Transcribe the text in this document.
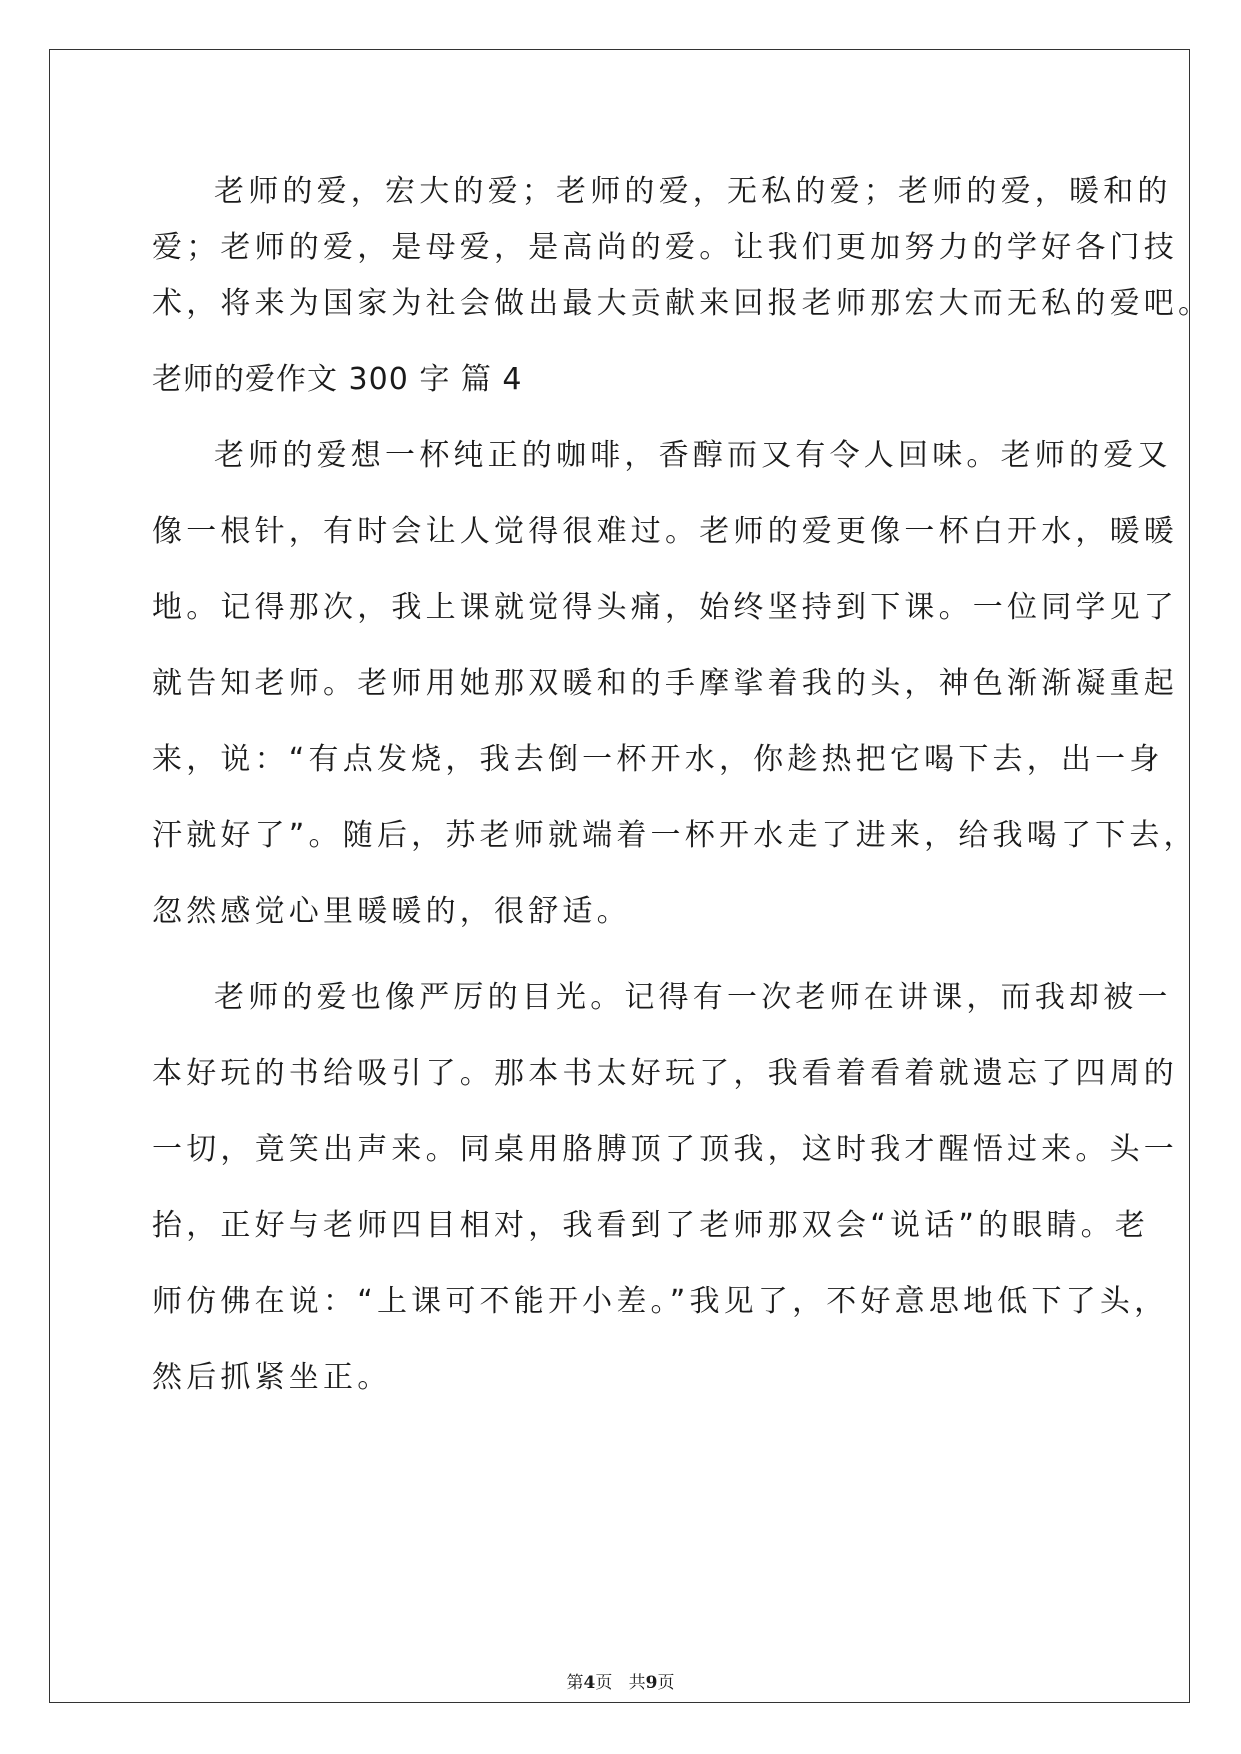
老师的爱，宏大的爱；老师的爱，无私的爱；老师的爱，暖和的

爱；老师的爱，是母爱，是高尚的爱。让我们更加努力的学好各门技

术，将来为国家为社会做出最大贡献来回报老师那宏大而无私的爱吧。

老师的爱作文 300 字 篇 4

老师的爱想一杯纯正的咖啡，香醇而又有令人回味。老师的爱又

像一根针，有时会让人觉得很难过。老师的爱更像一杯白开水，暖暖

地。记得那次，我上课就觉得头痛，始终坚持到下课。一位同学见了

就告知老师。老师用她那双暖和的手摩挲着我的头，神色渐渐凝重起

来，说：“有点发烧，我去倒一杯开水，你趁热把它喝下去，出一身

汗就好了”。随后，苏老师就端着一杯开水走了进来，给我喝了下去，

忽然感觉心里暖暖的，很舒适。

老师的爱也像严厉的目光。记得有一次老师在讲课，而我却被一

本好玩的书给吸引了。那本书太好玩了，我看着看着就遗忘了四周的

一切，竟笑出声来。同桌用胳膊顶了顶我，这时我才醒悟过来。头一

抬，正好与老师四目相对，我看到了老师那双会“说话”的眼睛。老

师仿佛在说：“上课可不能开小差。”我见了，不好意思地低下了头，

然后抓紧坐正。

第4页   共9页
